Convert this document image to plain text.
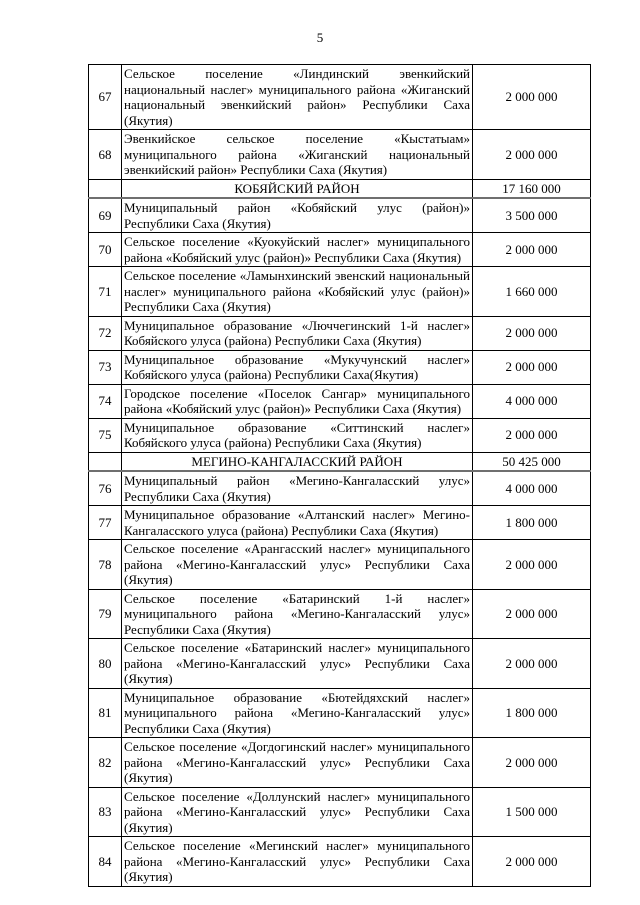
5
67	Сельское поселение «Линдинский эвенкийский национальный наслег» муниципального района «Жиганский национальный эвенкийский район» Республики Саха (Якутия)	2 000 000
68	Эвенкийское сельское поселение «Кыстатыам» муниципального района «Жиганский национальный эвенкийский район» Республики Саха (Якутия)	2 000 000
	КОБЯЙСКИЙ РАЙОН	17 160 000
69	Муниципальный район «Кобяйский улус (район)» Республики Саха (Якутия)	3 500 000
70	Сельское поселение «Куокуйский наслег» муниципального района «Кобяйский улус (район)» Республики Саха (Якутия)	2 000 000
71	Сельское поселение «Ламынхинский эвенский национальный наслег» муниципального района «Кобяйский улус (район)» Республики Саха (Якутия)	1 660 000
72	Муниципальное образование «Люччегинский 1-й наслег» Кобяйского улуса (района) Республики Саха (Якутия)	2 000 000
73	Муниципальное образование «Мукучунский наслег» Кобяйского улуса (района) Республики Саха(Якутия)	2 000 000
74	Городское поселение «Поселок Сангар» муниципального района «Кобяйский улус (район)» Республики Саха (Якутия)	4 000 000
75	Муниципальное образование «Ситтинский наслег» Кобяйского улуса (района) Республики Саха (Якутия)	2 000 000
	МЕГИНО-КАНГАЛАССКИЙ РАЙОН	50 425 000
76	Муниципальный район «Мегино-Кангаласский улус» Республики Саха (Якутия)	4 000 000
77	Муниципальное образование «Алтанский наслег» Мегино-Кангаласского улуса (района) Республики Саха (Якутия)	1 800 000
78	Сельское поселение «Арангасский наслег» муниципального района «Мегино-Кангаласский улус» Республики Саха (Якутия)	2 000 000
79	Сельское поселение «Батаринский 1-й наслег» муниципального района «Мегино-Кангаласский улус» Республики Саха (Якутия)	2 000 000
80	Сельское поселение «Батаринский наслег» муниципального района «Мегино-Кангаласский улус» Республики Саха (Якутия)	2 000 000
81	Муниципальное образование «Бютейдяхский наслег» муниципального района «Мегино-Кангаласский улус» Республики Саха (Якутия)	1 800 000
82	Сельское поселение «Догдогинский наслег» муниципального района «Мегино-Кангаласский улус» Республики Саха (Якутия)	2 000 000
83	Сельское поселение «Доллунский наслег» муниципального района «Мегино-Кангаласский улус» Республики Саха (Якутия)	1 500 000
84	Сельское поселение «Мегинский наслег» муниципального района «Мегино-Кангаласский улус» Республики Саха (Якутия)	2 000 000
